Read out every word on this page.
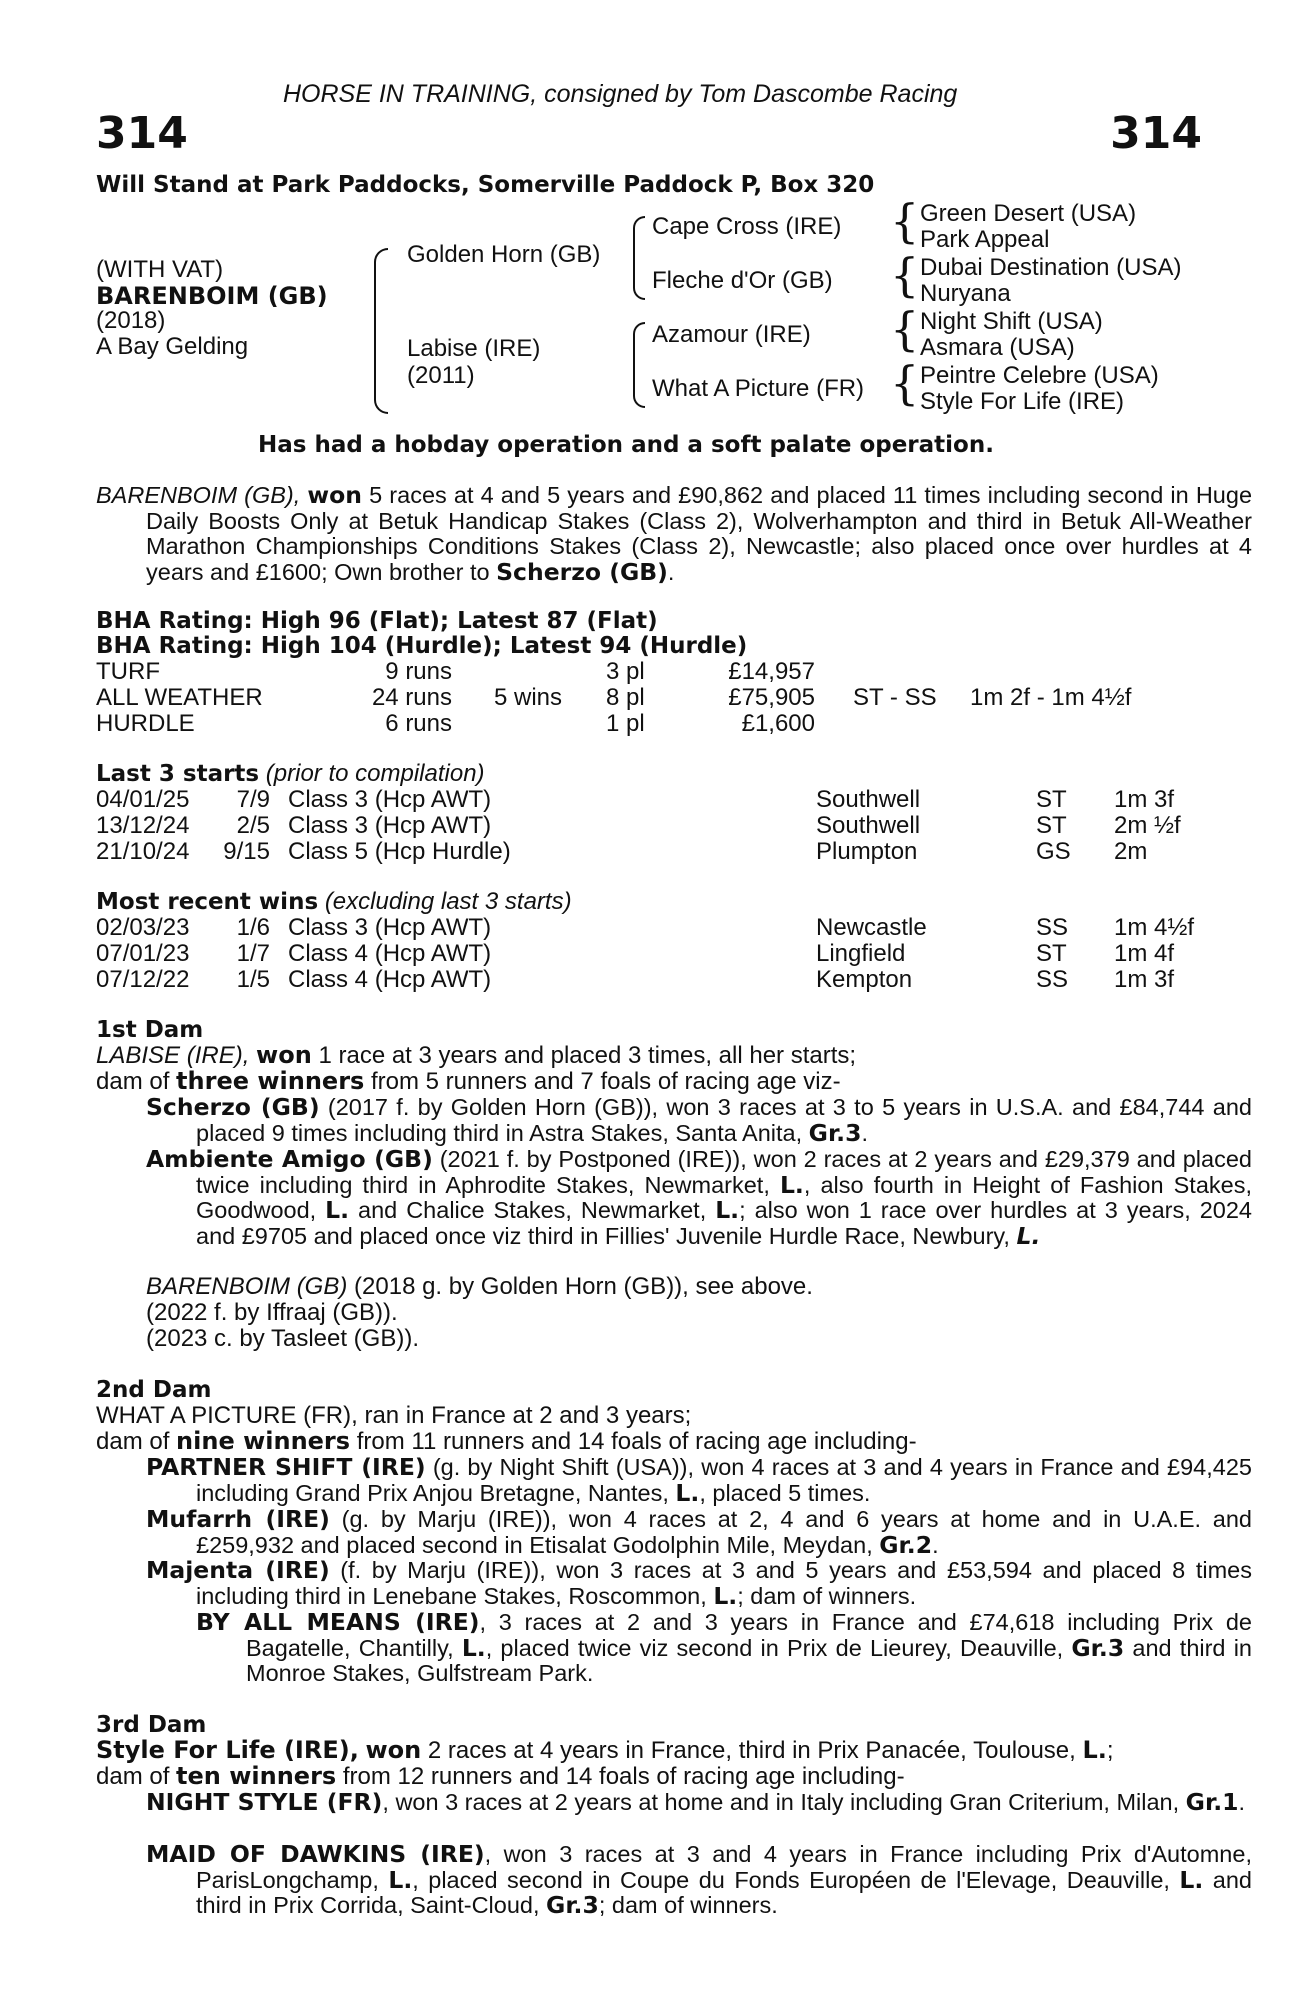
HORSE IN TRAINING, consigned by Tom Dascombe Racing
314	314
Will Stand at Park Paddocks, Somerville Paddock P, Box 320
(WITH VAT)
BARENBOIM (GB)
(2018)
A Bay Gelding
Golden Horn (GB)
Labise (IRE)
(2011)
Cape Cross (IRE)
Fleche d'Or (GB)
Azamour (IRE)
What A Picture (FR)
{
{
{
{
Green Desert (USA)
Park Appeal
Dubai Destination (USA)
Nuryana
Night Shift (USA)
Asmara (USA)
Peintre Celebre (USA)
Style For Life (IRE)
Has had a hobday operation and a soft palate operation.
BARENBOIM (GB), won 5 races at 4 and 5 years and £90,862 and placed 11 times including second in Huge Daily Boosts Only at Betuk Handicap Stakes (Class 2), Wolverhampton and third in Betuk All-Weather Marathon Championships Conditions Stakes (Class 2), Newcastle; also placed once over hurdles at 4 years and £1600; Own brother to Scherzo (GB).
BHA Rating: High 96 (Flat); Latest 87 (Flat)
BHA Rating: High 104 (Hurdle); Latest 94 (Hurdle)
TURF	9 runs	3 pl	£14,957
ALL WEATHER	24 runs 5 wins 8 pl	£75,905 ST - SS 1m 2f - 1m 4½f
HURDLE	6 runs	1 pl	£1,600
Last 3 starts (prior to compilation)
04/01/25	7/9 Class 3 (Hcp AWT)	Southwell	ST 1m 3f
13/12/24	2/5 Class 3 (Hcp AWT)	Southwell	ST 2m ½f
21/10/24 9/15 Class 5 (Hcp Hurdle)	Plumpton	GS 2m
Most recent wins (excluding last 3 starts)
02/03/23	1/6 Class 3 (Hcp AWT)	Newcastle	SS 1m 4½f
07/01/23	1/7 Class 4 (Hcp AWT)	Lingfield	ST 1m 4f
07/12/22	1/5 Class 4 (Hcp AWT)	Kempton	SS 1m 3f
1st Dam
LABISE (IRE), won 1 race at 3 years and placed 3 times, all her starts;
dam of three winners from 5 runners and 7 foals of racing age viz-
Scherzo (GB) (2017 f. by Golden Horn (GB)), won 3 races at 3 to 5 years in U.S.A. and £84,744 and placed 9 times including third in Astra Stakes, Santa Anita, Gr.3.
Ambiente Amigo (GB) (2021 f. by Postponed (IRE)), won 2 races at 2 years and £29,379 and placed twice including third in Aphrodite Stakes, Newmarket, L., also fourth in Height of Fashion Stakes, Goodwood, L. and Chalice Stakes, Newmarket, L.; also won 1 race over hurdles at 3 years, 2024 and £9705 and placed once viz third in Fillies' Juvenile Hurdle Race, Newbury, L.
BARENBOIM (GB) (2018 g. by Golden Horn (GB)), see above.
(2022 f. by Iffraaj (GB)).
(2023 c. by Tasleet (GB)).
2nd Dam
WHAT A PICTURE (FR), ran in France at 2 and 3 years;
dam of nine winners from 11 runners and 14 foals of racing age including-
PARTNER SHIFT (IRE) (g. by Night Shift (USA)), won 4 races at 3 and 4 years in France and £94,425 including Grand Prix Anjou Bretagne, Nantes, L., placed 5 times.
Mufarrh (IRE) (g. by Marju (IRE)), won 4 races at 2, 4 and 6 years at home and in U.A.E. and £259,932 and placed second in Etisalat Godolphin Mile, Meydan, Gr.2.
Majenta (IRE) (f. by Marju (IRE)), won 3 races at 3 and 5 years and £53,594 and placed 8 times including third in Lenebane Stakes, Roscommon, L.; dam of winners.
BY ALL MEANS (IRE), 3 races at 2 and 3 years in France and £74,618 including Prix de Bagatelle, Chantilly, L., placed twice viz second in Prix de Lieurey, Deauville, Gr.3 and third in Monroe Stakes, Gulfstream Park.
3rd Dam
Style For Life (IRE), won 2 races at 4 years in France, third in Prix Panacée, Toulouse, L.;
dam of ten winners from 12 runners and 14 foals of racing age including-
NIGHT STYLE (FR), won 3 races at 2 years at home and in Italy including Gran Criterium, Milan, Gr.1.
MAID OF DAWKINS (IRE), won 3 races at 3 and 4 years in France including Prix d'Automne, ParisLongchamp, L., placed second in Coupe du Fonds Européen de l'Elevage, Deauville, L. and third in Prix Corrida, Saint-Cloud, Gr.3; dam of winners.
